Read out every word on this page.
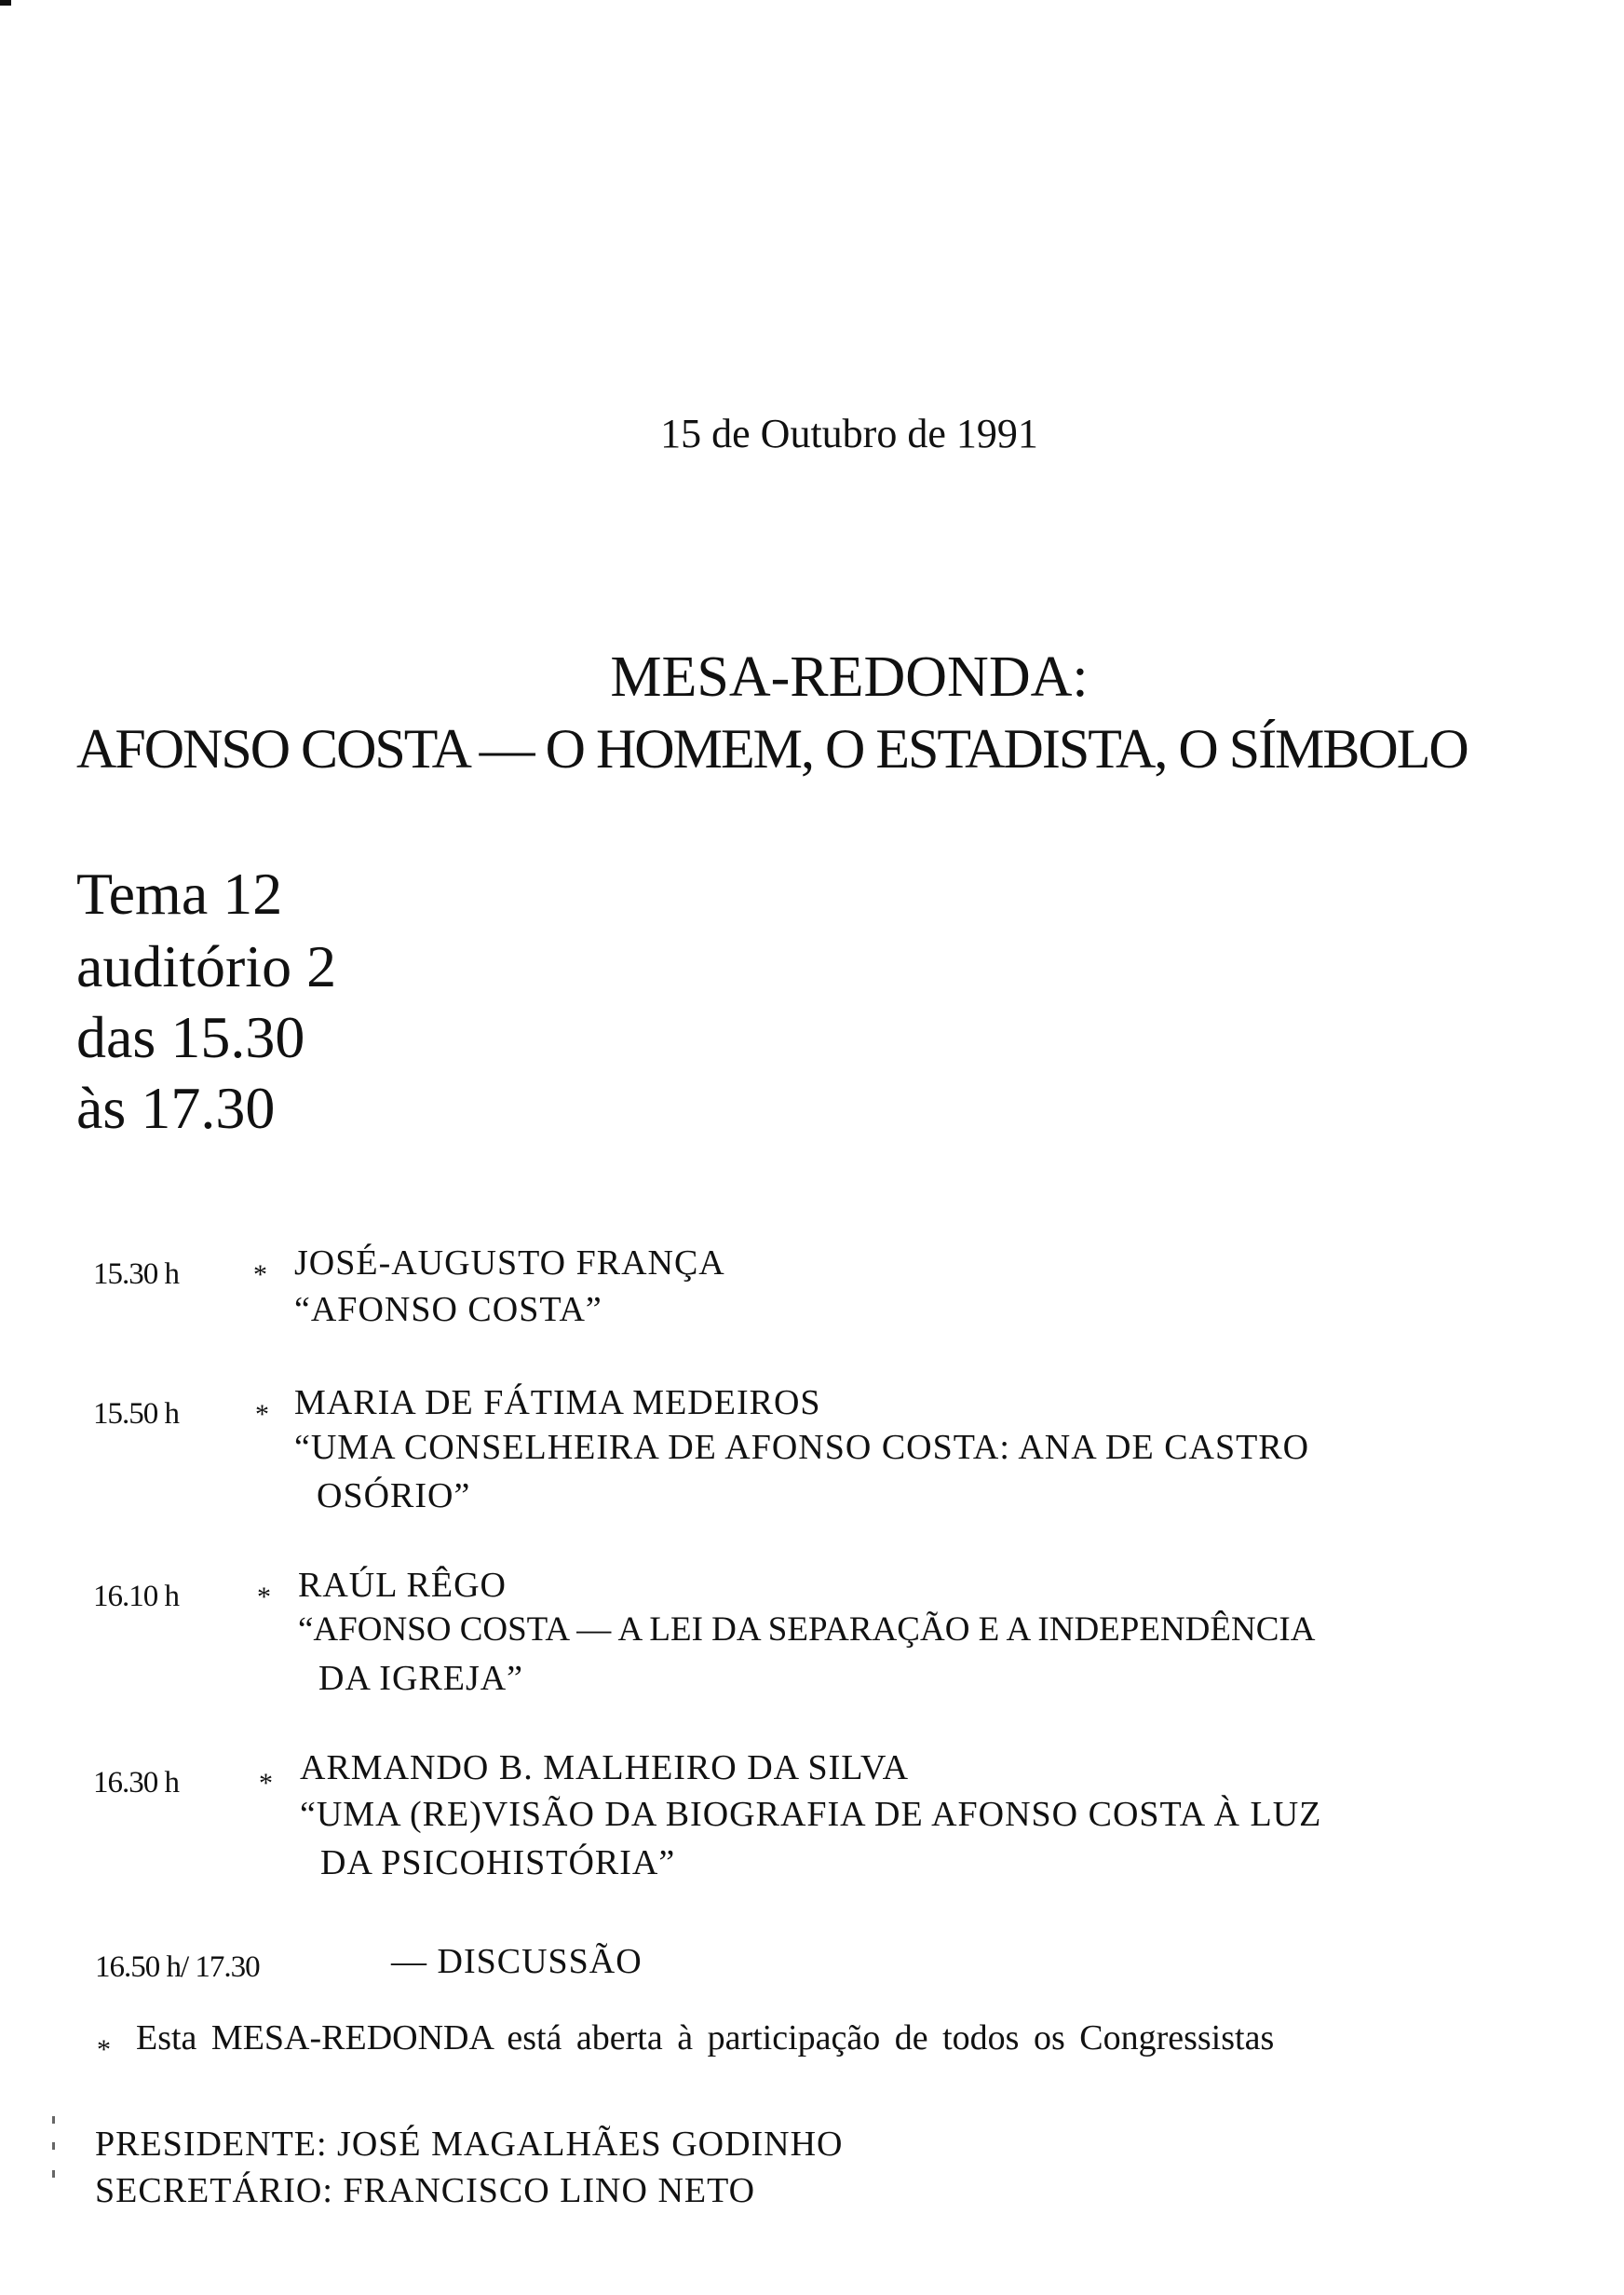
15 de Outubro de 1991
MESA-REDONDA:
AFONSO COSTA — O HOMEM, O ESTADISTA, O SÍMBOLO
Tema 12
auditório 2
das 15.30
às 17.30
15.30 h	* JOSÉ-AUGUSTO FRANÇA
“AFONSO COSTA”
15.50 h	* MARIA DE FÁTIMA MEDEIROS
“UMA CONSELHEIRA DE AFONSO COSTA: ANA DE CASTRO
OSÓRIO”
16.10 h	* RAÚL RÊGO
“AFONSO COSTA — A LEI DA SEPARAÇÃO E A INDEPENDÊNCIA
DA IGREJA”
16.30 h	* ARMANDO B. MALHEIRO DA SILVA
“UMA (RE)VISÃO DA BIOGRAFIA DE AFONSO COSTA À LUZ
DA PSICOHISTÓRIA”
16.50 h/ 17.30	— DISCUSSÃO
* Esta MESA-REDONDA está aberta à participação de todos os Congressistas
PRESIDENTE: JOSÉ MAGALHÃES GODINHO
SECRETÁRIO: FRANCISCO LINO NETO
